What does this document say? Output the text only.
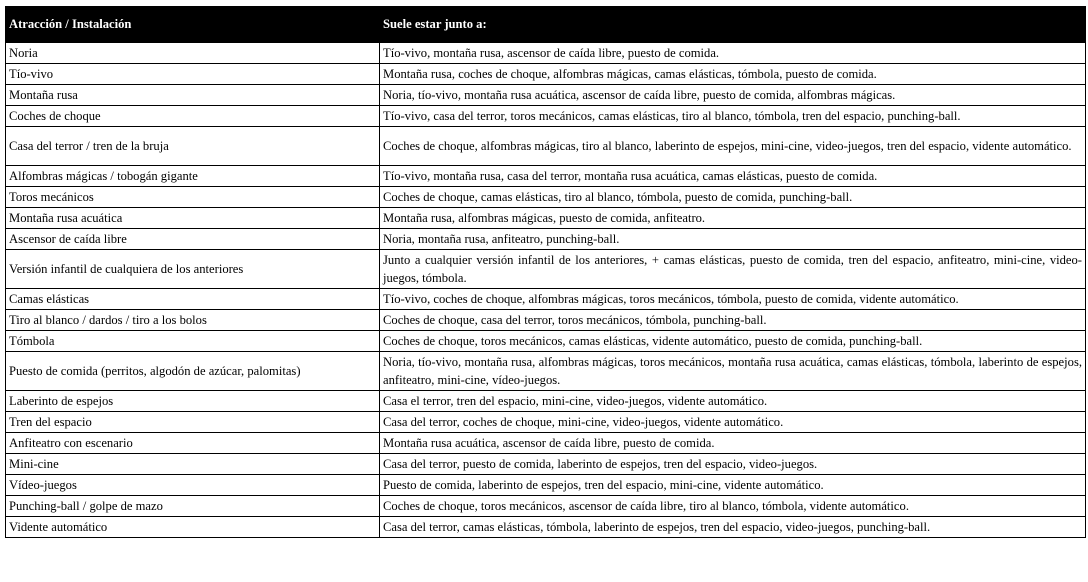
Atracción / Instalación	Suele estar junto a:
Noria	Tío-vivo, montaña rusa, ascensor de caída libre, puesto de comida.
Tío-vivo	Montaña rusa, coches de choque, alfombras mágicas, camas elásticas, tómbola, puesto de comida.
Montaña rusa	Noria, tío-vivo, montaña rusa acuática, ascensor de caída libre, puesto de comida, alfombras mágicas.
Coches de choque	Tío-vivo, casa del terror, toros mecánicos, camas elásticas, tiro al blanco, tómbola, tren del espacio, punching-ball.
Casa del terror / tren de la bruja	Coches de choque, alfombras mágicas, tiro al blanco, laberinto de espejos, mini-cine, video-juegos, tren del espacio, vidente automático.
Alfombras mágicas / tobogán gigante	Tío-vivo, montaña rusa, casa del terror, montaña rusa acuática, camas elásticas, puesto de comida.
Toros mecánicos	Coches de choque, camas elásticas, tiro al blanco, tómbola, puesto de comida, punching-ball.
Montaña rusa acuática	Montaña rusa, alfombras mágicas, puesto de comida, anfiteatro.
Ascensor de caída libre	Noria, montaña rusa, anfiteatro, punching-ball.
Versión infantil de cualquiera de los anteriores	Junto a cualquier versión infantil de los anteriores, + camas elásticas, puesto de comida, tren del espacio, anfiteatro, mini-cine, video-juegos, tómbola.
Camas elásticas	Tío-vivo, coches de choque, alfombras mágicas, toros mecánicos, tómbola, puesto de comida, vidente automático.
Tiro al blanco / dardos / tiro a los bolos	Coches de choque, casa del terror, toros mecánicos, tómbola, punching-ball.
Tómbola	Coches de choque, toros mecánicos, camas elásticas, vidente automático, puesto de comida, punching-ball.
Puesto de comida (perritos, algodón de azúcar, palomitas)	Noria, tío-vivo, montaña rusa, alfombras mágicas, toros mecánicos, montaña rusa acuática, camas elásticas, tómbola, laberinto de espejos, anfiteatro, mini-cine, vídeo-juegos.
Laberinto de espejos	Casa el terror, tren del espacio, mini-cine, video-juegos, vidente automático.
Tren del espacio	Casa del terror, coches de choque, mini-cine, video-juegos, vidente automático.
Anfiteatro con escenario	Montaña rusa acuática, ascensor de caída libre, puesto de comida.
Mini-cine	Casa del terror, puesto de comida, laberinto de espejos, tren del espacio, video-juegos.
Vídeo-juegos	Puesto de comida, laberinto de espejos, tren del espacio, mini-cine, vidente automático.
Punching-ball / golpe de mazo	Coches de choque, toros mecánicos, ascensor de caída libre, tiro al blanco, tómbola, vidente automático.
Vidente automático	Casa del terror, camas elásticas, tómbola, laberinto de espejos, tren del espacio, video-juegos, punching-ball.
